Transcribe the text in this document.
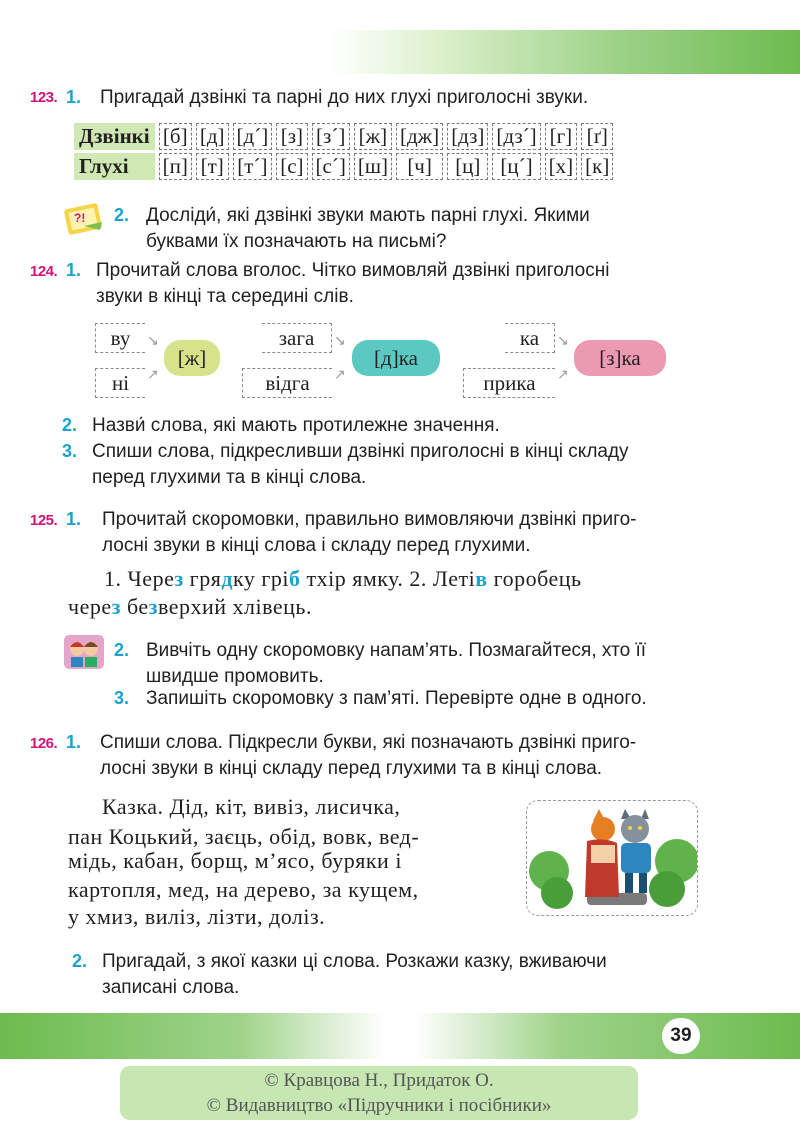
123. 1. Пригадай дзвінкі та парні до них глухі приголосні звуки.
Дзвінкі	[б]	[д]	[д´]	[з]	[з´]	[ж]	[дж]	[дз]	[дз´]	[г]	[ґ]
Глухі	[п]	[т]	[т´]	[с]	[с´]	[ш]	[ч]	[ц]	[ц´]	[х]	[к]
?! 2. Досліди́, які дзвінкі звуки мають парні глухі. Якими
буквами їх позначають на письмі?
124. 1. Прочитай слова вголос. Чітко вимовляй дзвінкі приголосні
звуки в кінці та середині слів.
ву
ні
↘
↗
[ж]
зага
відга
↘
↗
[д]ка
ка
прика
↘
↗
[з]ка
2. Назви́ слова, які мають протилежне значення.
3. Спиши слова, підкресливши дзвінкі приголосні в кінці складу
перед глухими та в кінці слова.
125. 1. Прочитай скоромовки, правильно вимовляючи дзвінкі приго-
лосні звуки в кінці слова і складу перед глухими.
1. Через грядку гріб тхір ямку. 2. Летів горобець
через безверхий хлівець.
2. Вивчіть одну скоромовку напам’ять. Позмагайтеся, хто її
швидше промовить.
3. Запишіть скоромовку з пам’яті. Перевірте одне в одного.
126. 1. Спиши слова. Підкресли букви, які позначають дзвінкі приго-
лосні звуки в кінці складу перед глухими та в кінці слова.
Казка. Дід, кіт, вивіз, лисичка,
пан Коцький, заєць, обід, вовк, вед-
мідь, кабан, борщ, м’ясо, буряки і
картопля, мед, на дерево, за кущем,
у хмиз, виліз, лізти, доліз.
2. Пригадай, з якої казки ці слова. Розкажи казку, вживаючи
записані слова.
39
© Кравцова Н., Придаток О.
© Видавництво «Підручники і посібники»
